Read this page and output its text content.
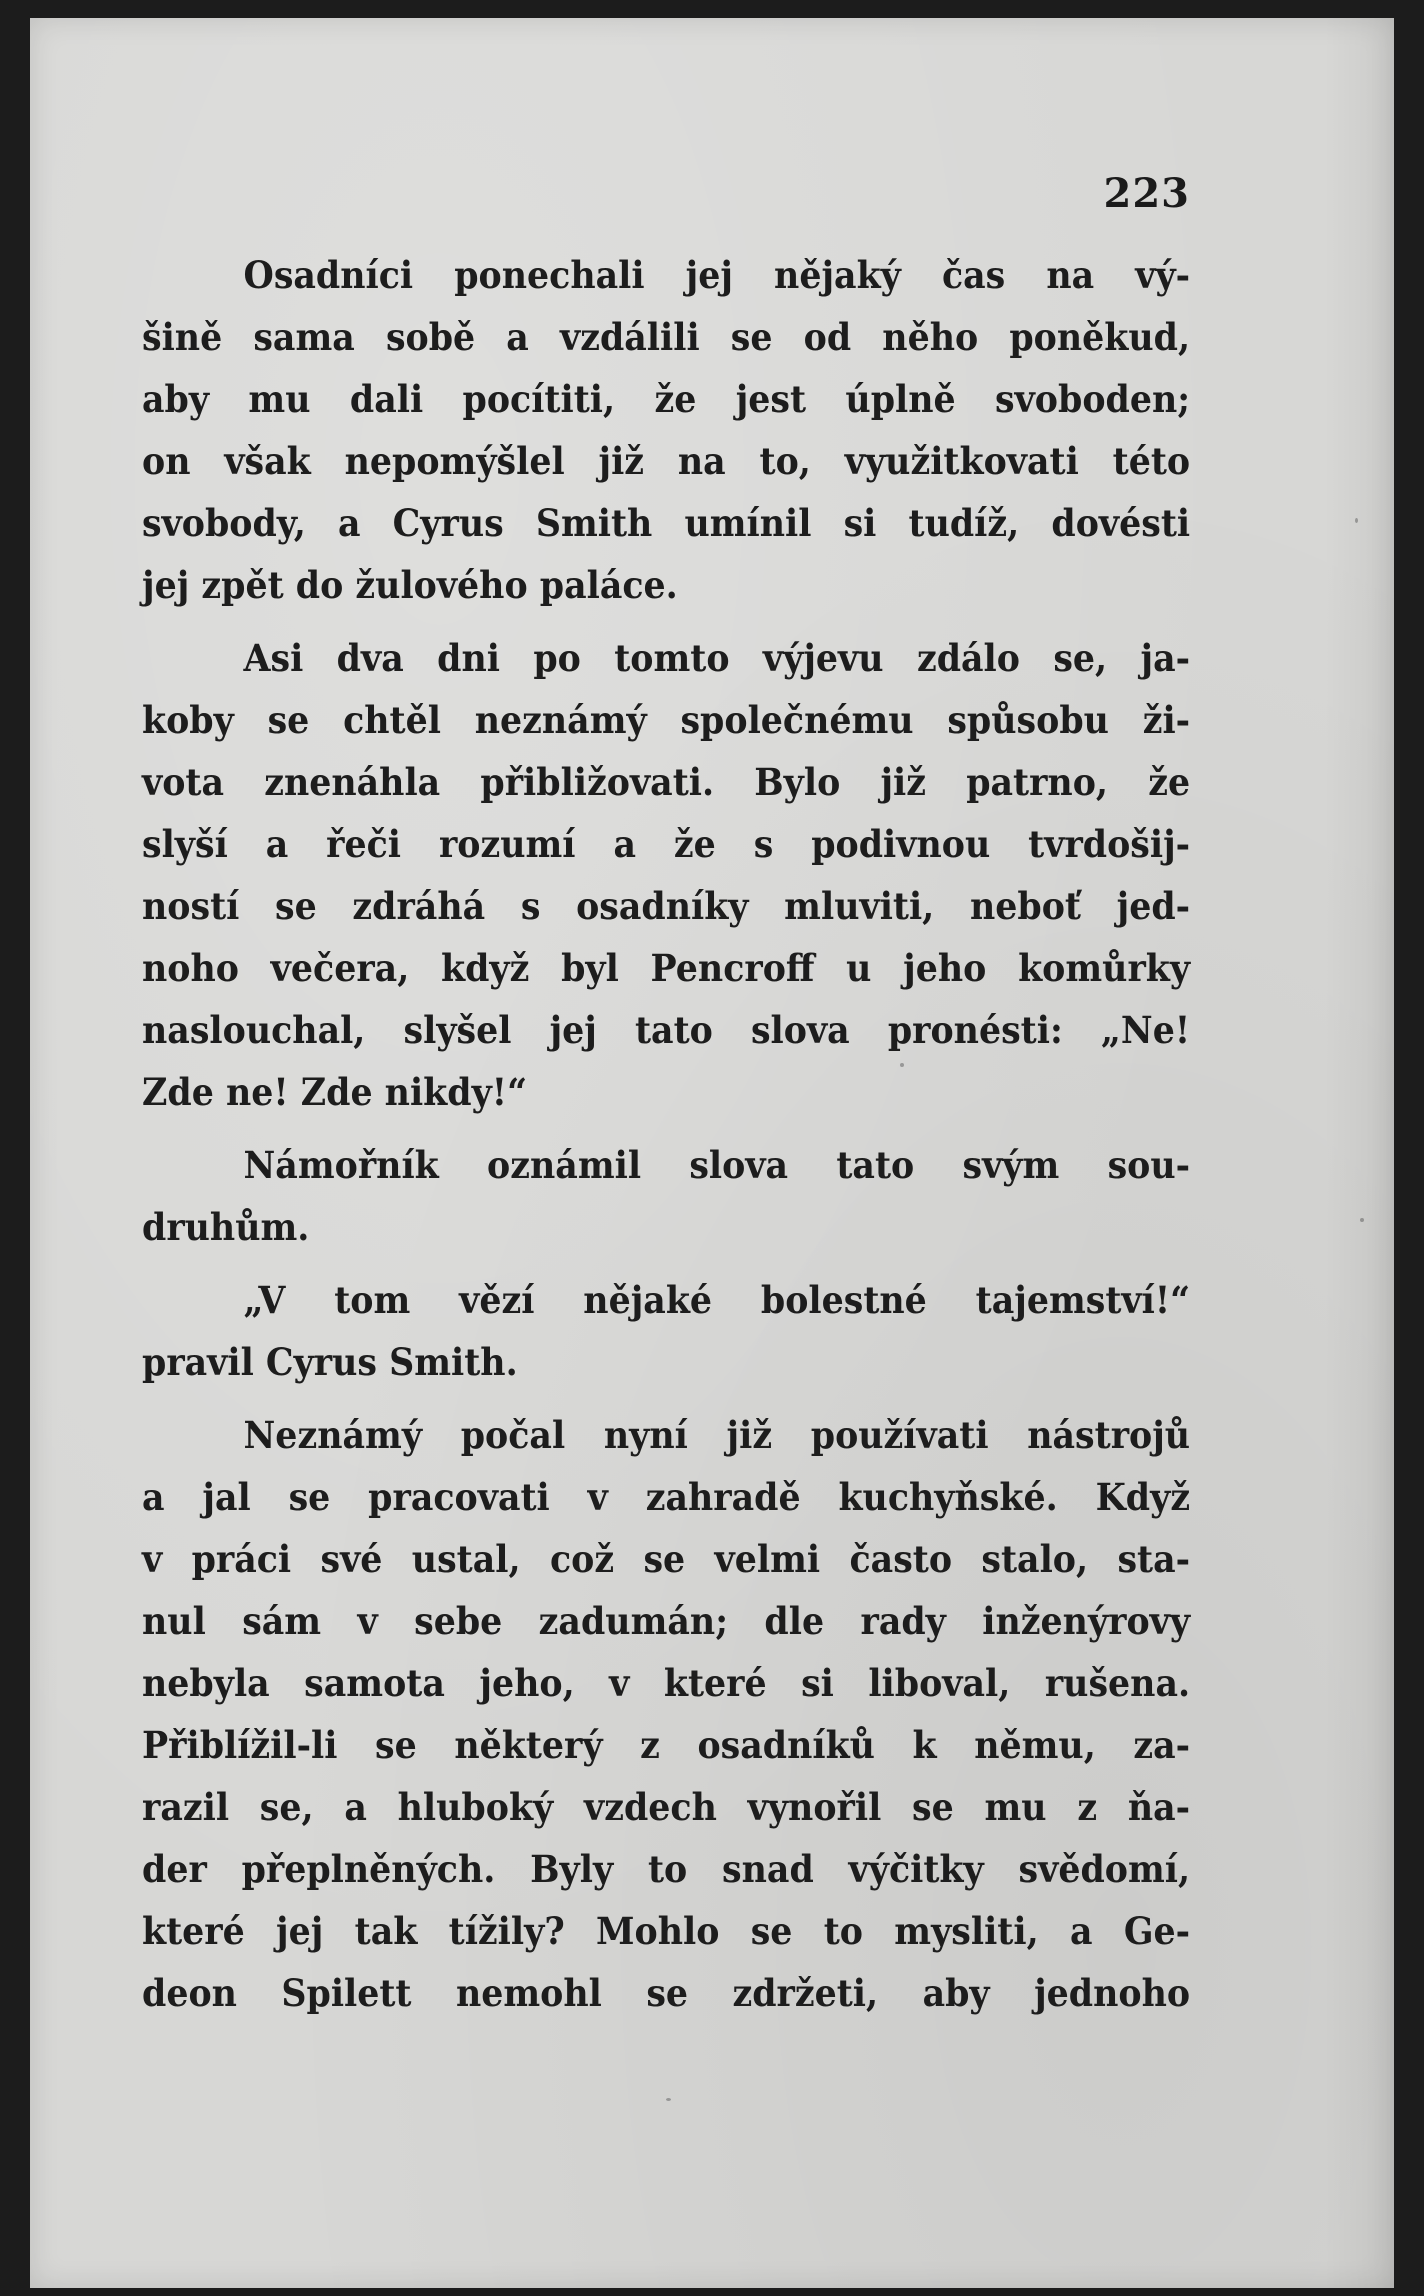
223
Osadníci ponechali jej nějaký čas na vý-
šině sama sobě a vzdálili se od něho poněkud,
aby mu dali pocítiti, že jest úplně svoboden;
on však nepomýšlel již na to, využitkovati této
svobody, a Cyrus Smith umínil si tudíž, dovésti
jej zpět do žulového paláce.
Asi dva dni po tomto výjevu zdálo se, ja-
koby se chtěl neznámý společnému spůsobu ži-
vota znenáhla přibližovati. Bylo již patrno, že
slyší a řeči rozumí a že s podivnou tvrdošij-
ností se zdráhá s osadníky mluviti, neboť jed-
noho večera, když byl Pencroff u jeho komůrky
naslouchal, slyšel jej tato slova pronésti: „Ne!
Zde ne! Zde nikdy!“
Námořník oznámil slova tato svým sou-
druhům.
„V tom vězí nějaké bolestné tajemství!“
pravil Cyrus Smith.
Neznámý počal nyní již používati nástrojů
a jal se pracovati v zahradě kuchyňské. Když
v práci své ustal, což se velmi často stalo, sta-
nul sám v sebe zadumán; dle rady inženýrovy
nebyla samota jeho, v které si liboval, rušena.
Přiblížil-li se některý z osadníků k němu, za-
razil se, a hluboký vzdech vynořil se mu z ňa-
der přeplněných. Byly to snad výčitky svědomí,
které jej tak tížily? Mohlo se to mysliti, a Ge-
deon Spilett nemohl se zdržeti, aby jednoho
